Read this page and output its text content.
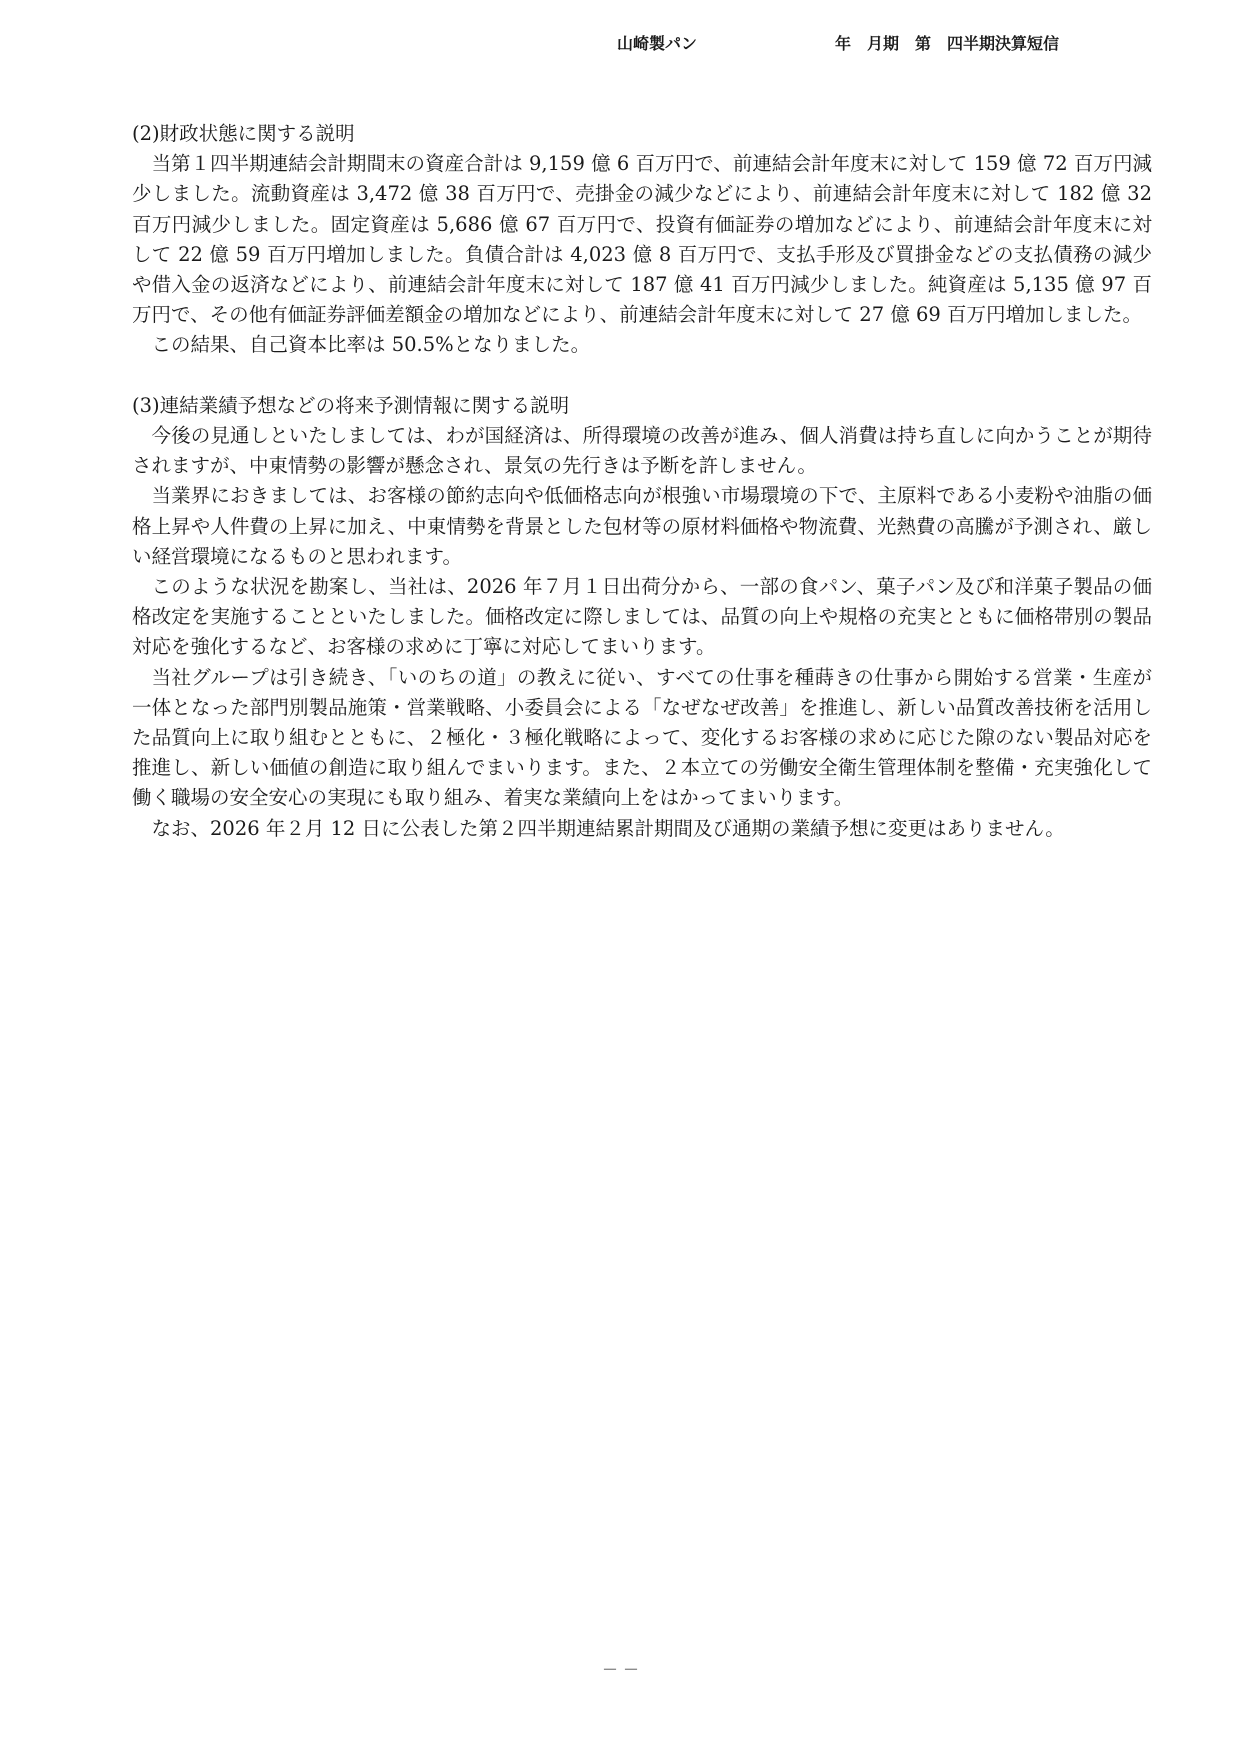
山崎製パン	年　月期　第　四半期決算短信

(2)財政状態に関する説明

当第１四半期連結会計期間末の資産合計は 9,159 億 6 百万円で、前連結会計年度末に対して 159 億 72 百万円減少しました。流動資産は 3,472 億 38 百万円で、売掛金の減少などにより、前連結会計年度末に対して 182 億 32 百万円減少しました。固定資産は 5,686 億 67 百万円で、投資有価証券の増加などにより、前連結会計年度末に対して 22 億 59 百万円増加しました。負債合計は 4,023 億 8 百万円で、支払手形及び買掛金などの支払債務の減少や借入金の返済などにより、前連結会計年度末に対して 187 億 41 百万円減少しました。純資産は 5,135 億 97 百万円で、その他有価証券評価差額金の増加などにより、前連結会計年度末に対して 27 億 69 百万円増加しました。

この結果、自己資本比率は 50.5%となりました。

(3)連結業績予想などの将来予測情報に関する説明

今後の見通しといたしましては、わが国経済は、所得環境の改善が進み、個人消費は持ち直しに向かうことが期待されますが、中東情勢の影響が懸念され、景気の先行きは予断を許しません。

当業界におきましては、お客様の節約志向や低価格志向が根強い市場環境の下で、主原料である小麦粉や油脂の価格上昇や人件費の上昇に加え、中東情勢を背景とした包材等の原材料価格や物流費、光熱費の高騰が予測され、厳しい経営環境になるものと思われます。

このような状況を勘案し、当社は、2026 年７月１日出荷分から、一部の食パン、菓子パン及び和洋菓子製品の価格改定を実施することといたしました。価格改定に際しましては、品質の向上や規格の充実とともに価格帯別の製品対応を強化するなど、お客様の求めに丁寧に対応してまいります。

当社グループは引き続き、「いのちの道」の教えに従い、すべての仕事を種蒔きの仕事から開始する営業・生産が一体となった部門別製品施策・営業戦略、小委員会による「なぜなぜ改善」を推進し、新しい品質改善技術を活用した品質向上に取り組むとともに、２極化・３極化戦略によって、変化するお客様の求めに応じた隙のない製品対応を推進し、新しい価値の創造に取り組んでまいります。また、２本立ての労働安全衛生管理体制を整備・充実強化して働く職場の安全安心の実現にも取り組み、着実な業績向上をはかってまいります。

なお、2026 年２月 12 日に公表した第２四半期連結累計期間及び通期の業績予想に変更はありません。

－ －
